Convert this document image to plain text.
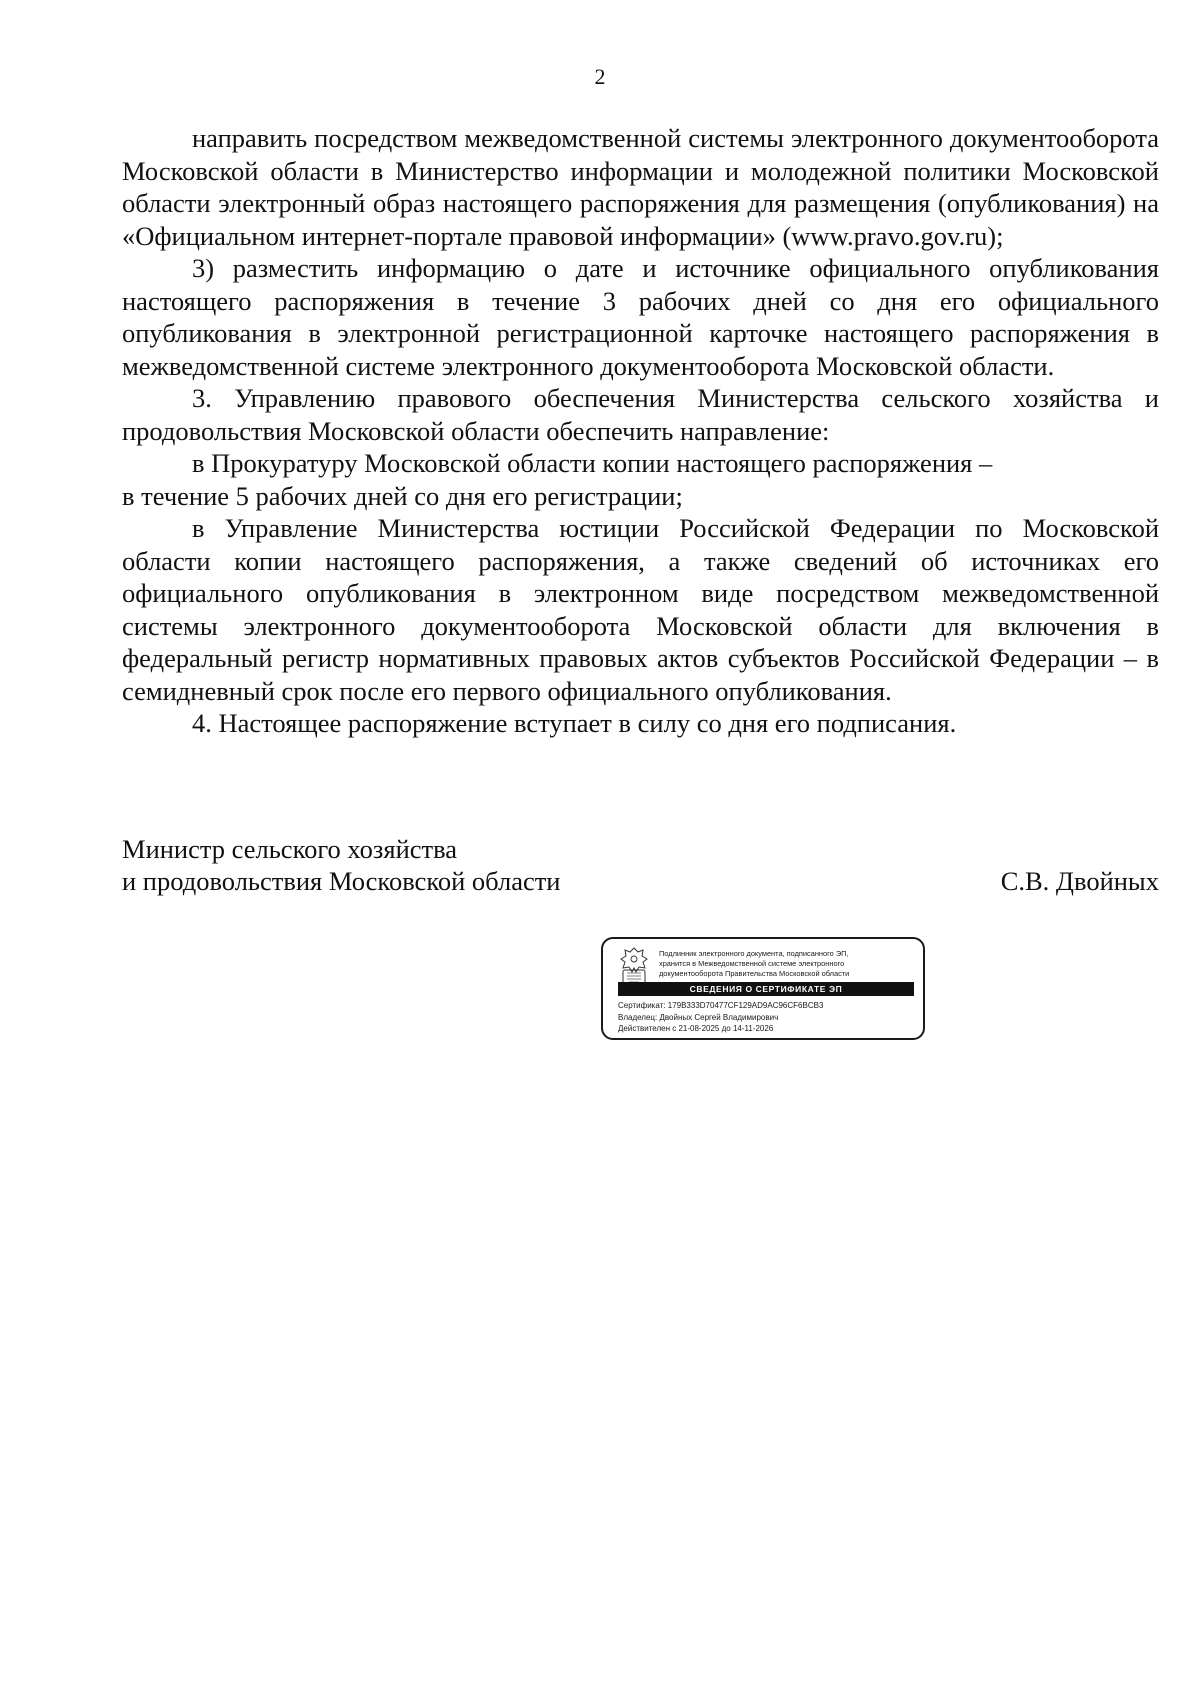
2

направить посредством межведомственной системы электронного документооборота Московской области в Министерство информации и молодежной политики Московской области электронный образ настоящего распоряжения для размещения (опубликования) на «Официальном интернет-портале правовой информации» (www.pravo.gov.ru);

3) разместить информацию о дате и источнике официального опубликования настоящего распоряжения в течение 3 рабочих дней со дня его официального опубликования в электронной регистрационной карточке настоящего распоряжения в межведомственной системе электронного документооборота Московской области.

3. Управлению правового обеспечения Министерства сельского хозяйства и продовольствия Московской области обеспечить направление:

в Прокуратуру Московской области копии настоящего распоряжения –

в течение 5 рабочих дней со дня его регистрации;

в Управление Министерства юстиции Российской Федерации по Московской области копии настоящего распоряжения, а также сведений об источниках его официального опубликования в электронном виде посредством межведомственной системы электронного документооборота Московской области для включения в федеральный регистр нормативных правовых актов субъектов Российской Федерации – в семидневный срок после его первого официального опубликования.

4. Настоящее распоряжение вступает в силу со дня его подписания.

Министр сельского хозяйства

и продовольствия Московской области	С.В. Двойных

Подлинник электронного документа, подписанного ЭП,

хранится в Межведомственной системе электронного

документооборота Правительства Московской области

СВЕДЕНИЯ О СЕРТИФИКАТЕ ЭП

Сертификат: 179B333D70477CF129AD9AC96CF6BCB3

Владелец: Двойных Сергей Владимирович

Действителен с 21-08-2025 до 14-11-2026
